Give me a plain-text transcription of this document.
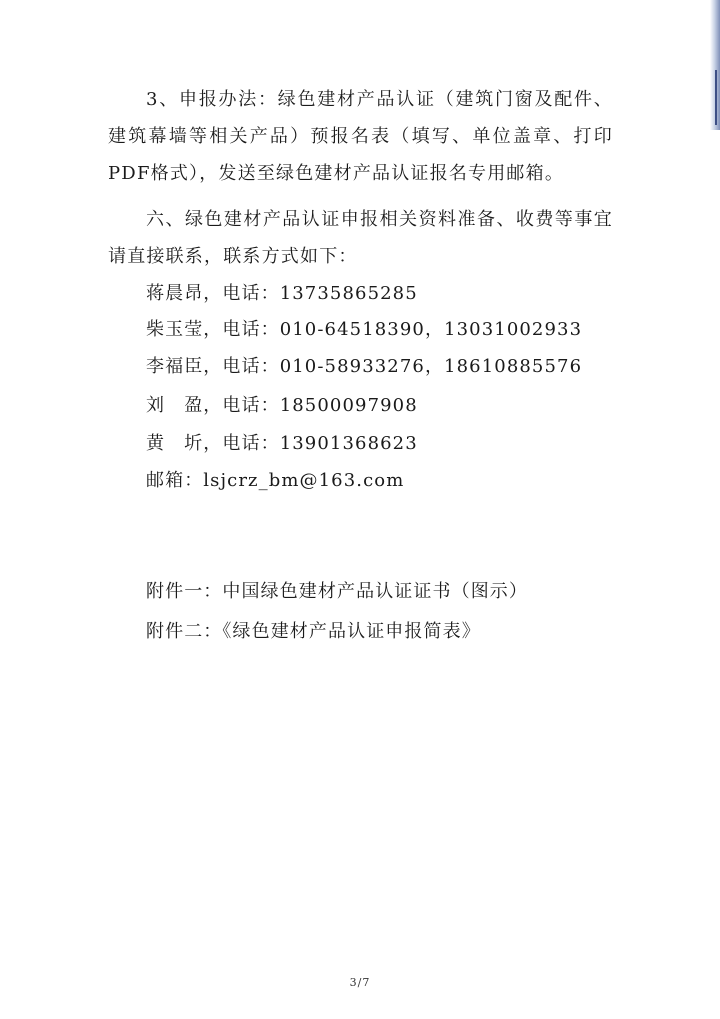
3、申报办法：绿色建材产品认证（建筑门窗及配件、建筑幕墙等相关产品）预报名表（填写、单位盖章、打印PDF格式），发送至绿色建材产品认证报名专用邮箱。

六、绿色建材产品认证申报相关资料准备、收费等事宜请直接联系，联系方式如下：

蒋晨昂，电话：13735865285

柴玉莹，电话：010-64518390，13031002933

李福臣，电话：010-58933276，18610885576

刘　盈，电话：18500097908

黄　圻，电话：13901368623

邮箱：lsjcrz_bm@163.com

附件一：中国绿色建材产品认证证书（图示）

附件二：《绿色建材产品认证申报简表》

3/7
